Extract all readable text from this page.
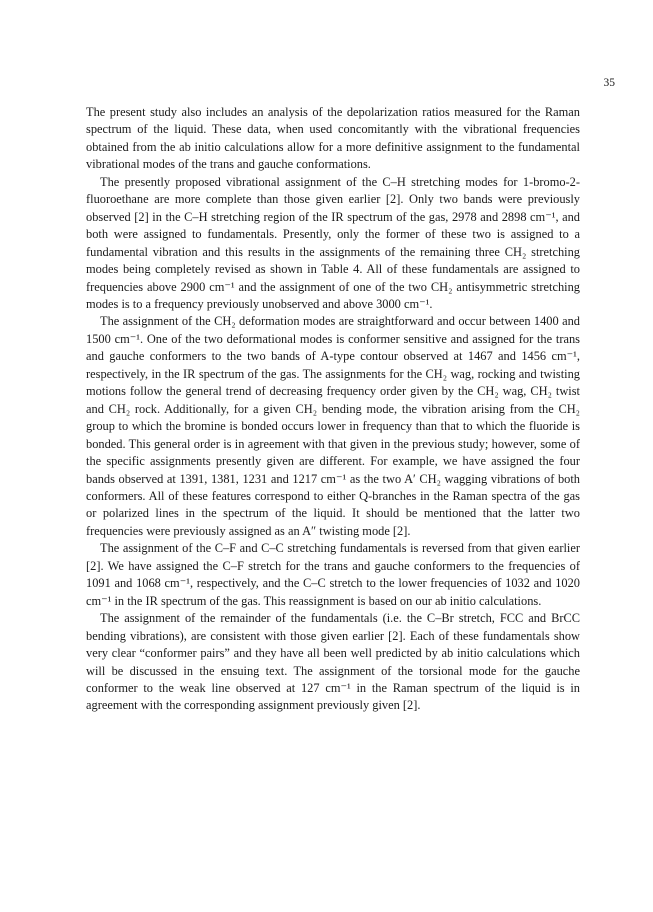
35

The present study also includes an analysis of the depolarization ratios measured for the Raman spectrum of the liquid. These data, when used concomitantly with the vibrational frequencies obtained from the ab initio calculations allow for a more definitive assignment to the fundamental vibrational modes of the trans and gauche conformations.

The presently proposed vibrational assignment of the C–H stretching modes for 1-bromo-2-fluoroethane are more complete than those given earlier [2]. Only two bands were previously observed [2] in the C–H stretching region of the IR spectrum of the gas, 2978 and 2898 cm⁻¹, and both were assigned to fundamentals. Presently, only the former of these two is assigned to a fundamental vibration and this results in the assignments of the remaining three CH₂ stretching modes being completely revised as shown in Table 4. All of these fundamentals are assigned to frequencies above 2900 cm⁻¹ and the assignment of one of the two CH₂ antisymmetric stretching modes is to a frequency previously unobserved and above 3000 cm⁻¹.

The assignment of the CH₂ deformation modes are straightforward and occur between 1400 and 1500 cm⁻¹. One of the two deformational modes is conformer sensitive and assigned for the trans and gauche conformers to the two bands of A-type contour observed at 1467 and 1456 cm⁻¹, respectively, in the IR spectrum of the gas. The assignments for the CH₂ wag, rocking and twisting motions follow the general trend of decreasing frequency order given by the CH₂ wag, CH₂ twist and CH₂ rock. Additionally, for a given CH₂ bending mode, the vibration arising from the CH₂ group to which the bromine is bonded occurs lower in frequency than that to which the fluoride is bonded. This general order is in agreement with that given in the previous study; however, some of the specific assignments presently given are different. For example, we have assigned the four bands observed at 1391, 1381, 1231 and 1217 cm⁻¹ as the two A′ CH₂ wagging vibrations of both conformers. All of these features correspond to either Q-branches in the Raman spectra of the gas or polarized lines in the spectrum of the liquid. It should be mentioned that the latter two frequencies were previously assigned as an A″ twisting mode [2].

The assignment of the C–F and C–C stretching fundamentals is reversed from that given earlier [2]. We have assigned the C–F stretch for the trans and gauche conformers to the frequencies of 1091 and 1068 cm⁻¹, respectively, and the C–C stretch to the lower frequencies of 1032 and 1020 cm⁻¹ in the IR spectrum of the gas. This reassignment is based on our ab initio calculations.

The assignment of the remainder of the fundamentals (i.e. the C–Br stretch, FCC and BrCC bending vibrations), are consistent with those given earlier [2]. Each of these fundamentals show very clear “conformer pairs” and they have all been well predicted by ab initio calculations which will be discussed in the ensuing text. The assignment of the torsional mode for the gauche conformer to the weak line observed at 127 cm⁻¹ in the Raman spectrum of the liquid is in agreement with the corresponding assignment previously given [2].
